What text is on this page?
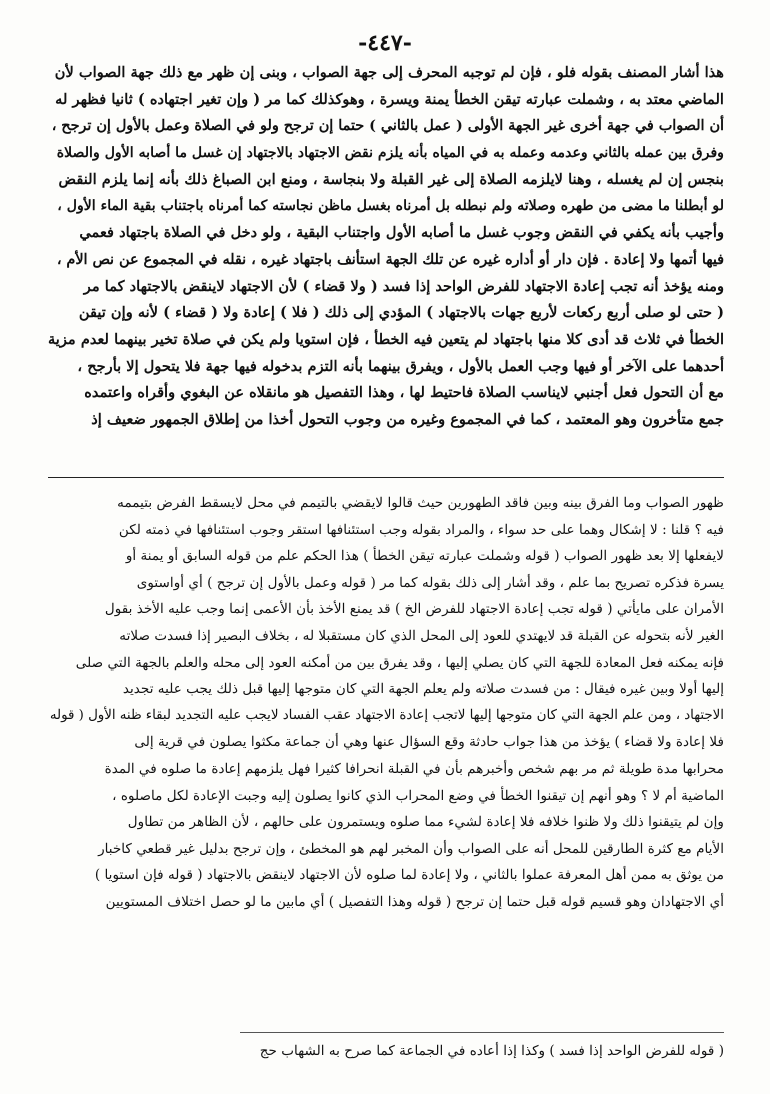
-٤٤٧-
هذا أشار المصنف بقوله فلو ، فإن لم توجبه المحرف إلى جهة الصواب ، وبنى إن ظهر مع ذلك جهة الصواب لأن
الماضي معتد به ، وشملت عبارته تيقن الخطأ يمنة ويسرة ، وهوكذلك كما مر ( وإن تغير اجتهاده ) ثانيا فظهر له
أن الصواب في جهة أخرى غير الجهة الأولى ( عمل بالثاني ) حتما إن ترجح ولو في الصلاة وعمل بالأول إن ترجح ،
وفرق بين عمله بالثاني وعدمه وعمله به في المياه بأنه يلزم نقض الاجتهاد بالاجتهاد إن غسل ما أصابه الأول والصلاة
بنجس إن لم يغسله ، وهنا لايلزمه الصلاة إلى غير القبلة ولا بنجاسة ، ومنع ابن الصباغ ذلك بأنه إنما يلزم النقض
لو أبطلنا ما مضى من طهره وصلاته ولم نبطله بل أمرناه بغسل ماظن نجاسته كما أمرناه باجتناب بقية الماء الأول ،
وأجيب بأنه يكفي في النقض وجوب غسل ما أصابه الأول واجتناب البقية ، ولو دخل في الصلاة باجتهاد فعمي
فيها أتمها ولا إعادة . فإن دار أو أداره غيره عن تلك الجهة استأنف باجتهاد غيره ، نقله في المجموع عن نص الأم ،
ومنه يؤخذ أنه تجب إعادة الاجتهاد للفرض الواحد إذا فسد ( ولا قضاء ) لأن الاجتهاد لاينقض بالاجتهاد كما مر
( حتى لو صلى أربع ركعات لأربع جهات بالاجتهاد ) المؤدي إلى ذلك ( فلا ) إعادة ولا ( قضاء ) لأنه وإن تيقن
الخطأ في ثلاث قد أدى كلا منها باجتهاد لم يتعين فيه الخطأ ، فإن استويا ولم يكن في صلاة تخير بينهما لعدم مزية
أحدهما على الآخر أو فيها وجب العمل بالأول ، ويفرق بينهما بأنه التزم بدخوله فيها جهة فلا يتحول إلا بأرجح ،
مع أن التحول فعل أجنبي لايناسب الصلاة فاحتيط لها ، وهذا التفصيل هو مانقلاه عن البغوي وأقراه واعتمده
جمع متأخرون وهو المعتمد ، كما في المجموع وغيره من وجوب التحول أخذا من إطلاق الجمهور ضعيف إذ
ظهور الصواب وما الفرق بينه وبين فاقد الطهورين حيث قالوا لايقضي بالتيمم في محل لايسقط الفرض بتيممه
فيه ؟ قلنا : لا إشكال وهما على حد سواء ، والمراد بقوله وجب استئنافها استقر وجوب استئنافها في ذمته لكن
لايفعلها إلا بعد ظهور الصواب ( قوله وشملت عبارته تيقن الخطأ ) هذا الحكم علم من قوله السابق أو يمنة أو
يسرة فذكره تصريح بما علم ، وقد أشار إلى ذلك بقوله كما مر ( قوله وعمل بالأول إن ترجح ) أي أواستوى
الأمران على مايأتي ( قوله تجب إعادة الاجتهاد للفرض الخ ) قد يمنع الأخذ بأن الأعمى إنما وجب عليه الأخذ بقول
الغير لأنه بتحوله عن القبلة قد لايهتدي للعود إلى المحل الذي كان مستقبلا له ، بخلاف البصير إذا فسدت صلاته
فإنه يمكنه فعل المعادة للجهة التي كان يصلي إليها ، وقد يفرق بين من أمكنه العود إلى محله والعلم بالجهة التي صلى
إليها أولا وبين غيره فيقال : من فسدت صلاته ولم يعلم الجهة التي كان متوجها إليها قبل ذلك يجب عليه تجديد
الاجتهاد ، ومن علم الجهة التي كان متوجها إليها لاتجب إعادة الاجتهاد عقب الفساد لايجب عليه التجديد لبقاء ظنه الأول ( قوله
فلا إعادة ولا قضاء ) يؤخذ من هذا جواب حادثة وقع السؤال عنها وهي أن جماعة مكثوا يصلون في قرية إلى
محرابها مدة طويلة ثم مر بهم شخص وأخبرهم بأن في القبلة انحرافا كثيرا فهل يلزمهم إعادة ما صلوه في المدة
الماضية أم لا ؟ وهو أنهم إن تيقنوا الخطأ في وضع المحراب الذي كانوا يصلون إليه وجبت الإعادة لكل ماصلوه ،
وإن لم يتيقنوا ذلك ولا ظنوا خلافه فلا إعادة لشيء مما صلوه ويستمرون على حالهم ، لأن الظاهر من تطاول
الأيام مع كثرة الطارقين للمحل أنه على الصواب وأن المخبر لهم هو المخطئ ، وإن ترجح بدليل غير قطعي كاخبار
من يوثق به ممن أهل المعرفة عملوا بالثاني ، ولا إعادة لما صلوه لأن الاجتهاد لاينقض بالاجتهاد ( قوله فإن استويا )
أي الاجتهادان وهو قسيم قوله قبل حتما إن ترجح ( قوله وهذا التفصيل ) أي مابين ما لو حصل اختلاف المستويين
( قوله للفرض الواحد إذا فسد ) وكذا إذا أعاده في الجماعة كما صرح به الشهاب حج
